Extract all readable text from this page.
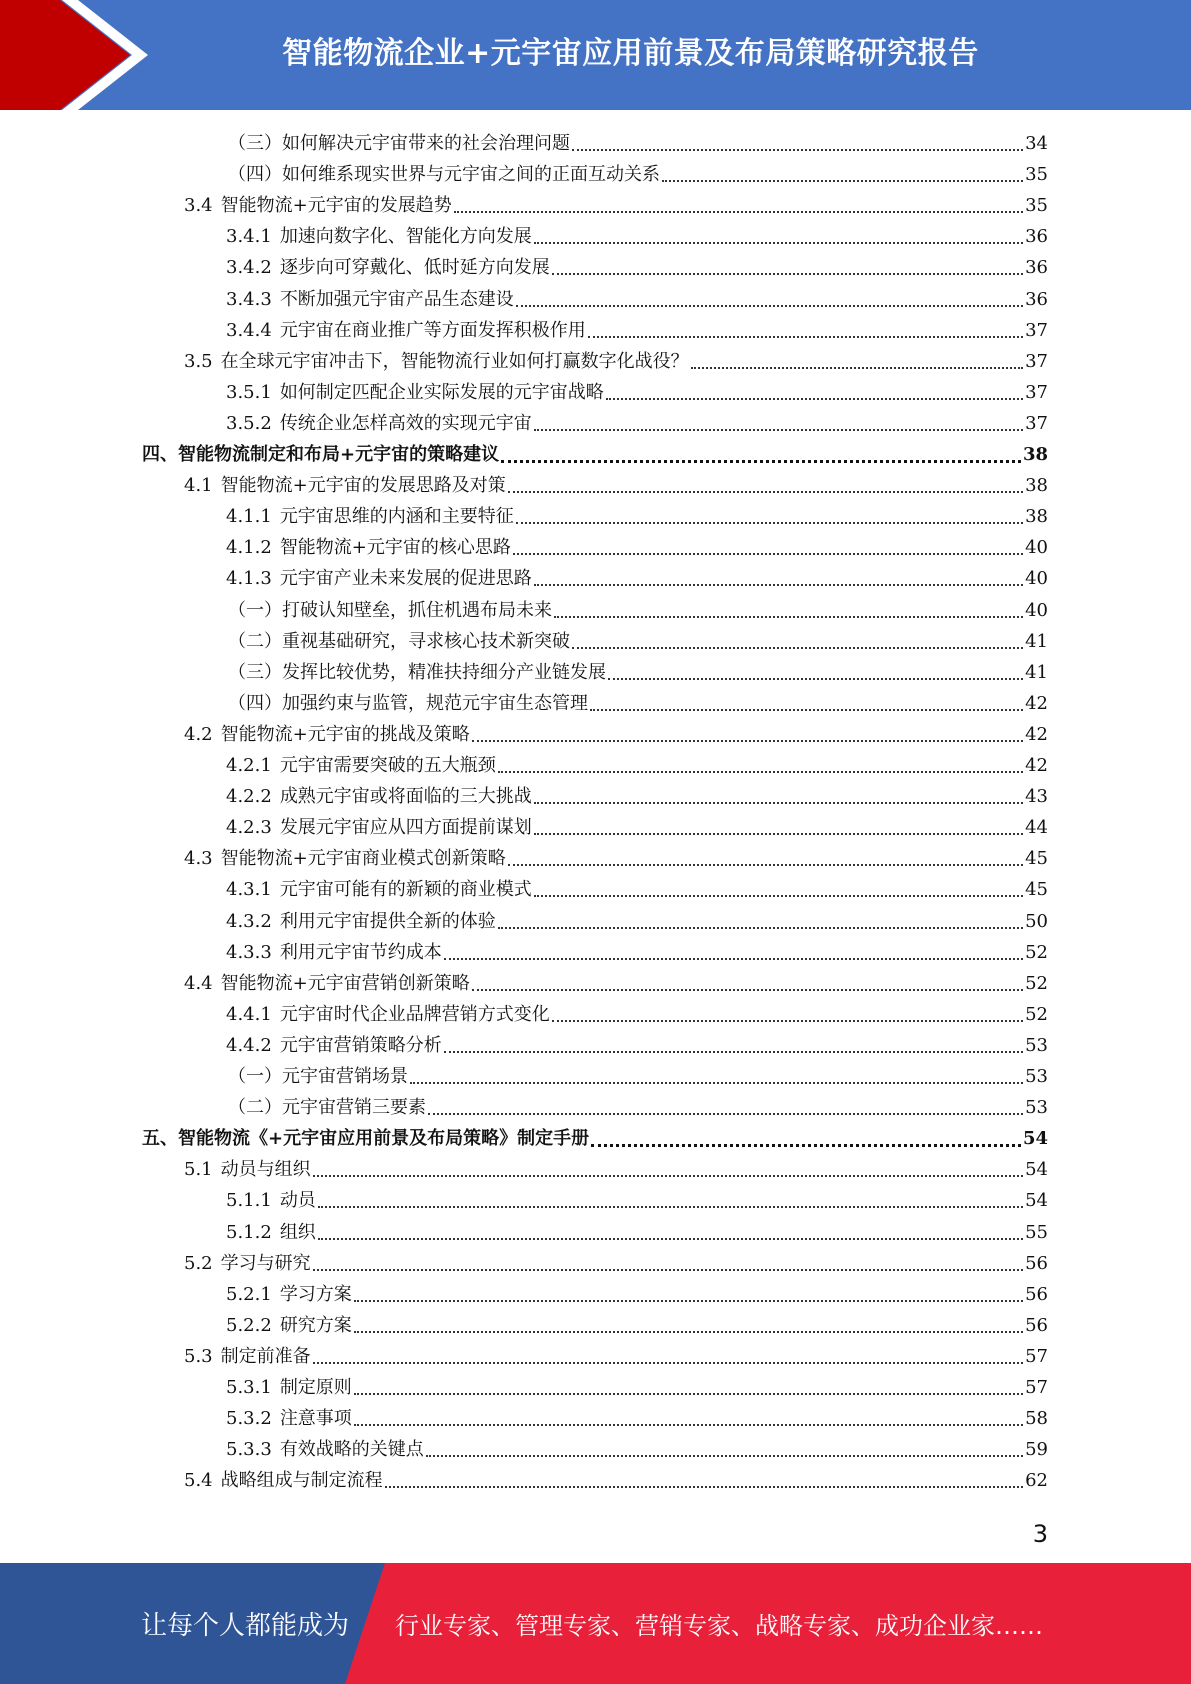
智能物流企业+元宇宙应用前景及布局策略研究报告
（三）如何解决元宇宙带来的社会治理问题	34
（四）如何维系现实世界与元宇宙之间的正面互动关系	35
3.4 智能物流+元宇宙的发展趋势	35
3.4.1 加速向数字化、智能化方向发展	36
3.4.2 逐步向可穿戴化、低时延方向发展	36
3.4.3 不断加强元宇宙产品生态建设	36
3.4.4 元宇宙在商业推广等方面发挥积极作用	37
3.5 在全球元宇宙冲击下，智能物流行业如何打赢数字化战役？	37
3.5.1 如何制定匹配企业实际发展的元宇宙战略	37
3.5.2 传统企业怎样高效的实现元宇宙	37
四、智能物流制定和布局+元宇宙的策略建议	38
4.1 智能物流+元宇宙的发展思路及对策	38
4.1.1 元宇宙思维的内涵和主要特征	38
4.1.2 智能物流+元宇宙的核心思路	40
4.1.3 元宇宙产业未来发展的促进思路	40
（一）打破认知壁垒，抓住机遇布局未来	40
（二）重视基础研究，寻求核心技术新突破	41
（三）发挥比较优势，精准扶持细分产业链发展	41
（四）加强约束与监管，规范元宇宙生态管理	42
4.2 智能物流+元宇宙的挑战及策略	42
4.2.1 元宇宙需要突破的五大瓶颈	42
4.2.2 成熟元宇宙或将面临的三大挑战	43
4.2.3 发展元宇宙应从四方面提前谋划	44
4.3 智能物流+元宇宙商业模式创新策略	45
4.3.1 元宇宙可能有的新颖的商业模式	45
4.3.2 利用元宇宙提供全新的体验	50
4.3.3 利用元宇宙节约成本	52
4.4 智能物流+元宇宙营销创新策略	52
4.4.1 元宇宙时代企业品牌营销方式变化	52
4.4.2 元宇宙营销策略分析	53
（一）元宇宙营销场景	53
（二）元宇宙营销三要素	53
五、智能物流《+元宇宙应用前景及布局策略》制定手册	54
5.1 动员与组织	54
5.1.1 动员	54
5.1.2 组织	55
5.2 学习与研究	56
5.2.1 学习方案	56
5.2.2 研究方案	56
5.3 制定前准备	57
5.3.1 制定原则	57
5.3.2 注意事项	58
5.3.3 有效战略的关键点	59
5.4 战略组成与制定流程	62
3
让每个人都能成为	行业专家、管理专家、营销专家、战略专家、成功企业家……
